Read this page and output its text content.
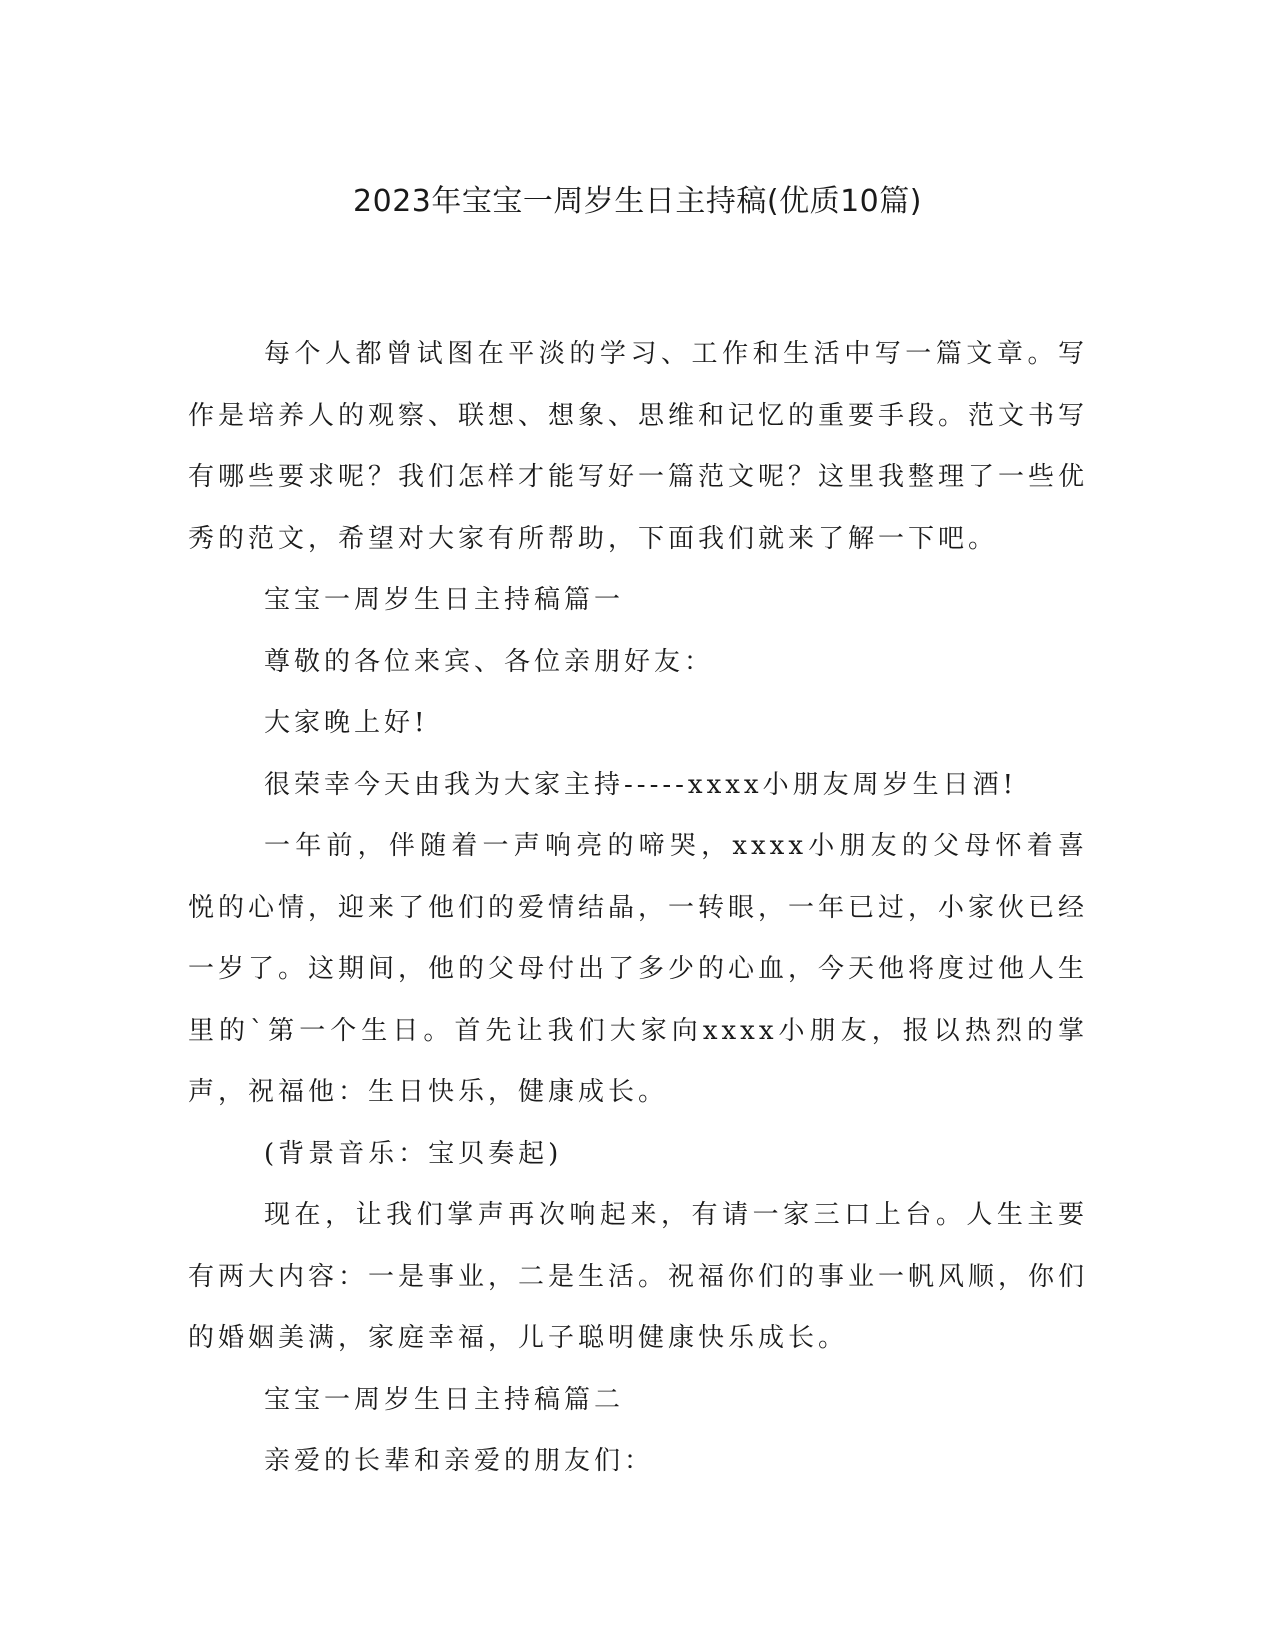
2023年宝宝一周岁生日主持稿(优质10篇)

每个人都曾试图在平淡的学习、工作和生活中写一篇文章。写作是培养人的观察、联想、想象、思维和记忆的重要手段。范文书写有哪些要求呢？我们怎样才能写好一篇范文呢？这里我整理了一些优秀的范文，希望对大家有所帮助，下面我们就来了解一下吧。

宝宝一周岁生日主持稿篇一

尊敬的各位来宾、各位亲朋好友：

大家晚上好!

很荣幸今天由我为大家主持-----xxxx小朋友周岁生日酒!

一年前，伴随着一声响亮的啼哭，xxxx小朋友的父母怀着喜悦的心情，迎来了他们的爱情结晶，一转眼，一年已过，小家伙已经一岁了。这期间，他的父母付出了多少的心血，今天他将度过他人生里的`第一个生日。首先让我们大家向xxxx小朋友，报以热烈的掌声，祝福他：生日快乐，健康成长。

(背景音乐：宝贝奏起)

现在，让我们掌声再次响起来，有请一家三口上台。人生主要有两大内容：一是事业，二是生活。祝福你们的事业一帆风顺，你们的婚姻美满，家庭幸福，儿子聪明健康快乐成长。

宝宝一周岁生日主持稿篇二

亲爱的长辈和亲爱的朋友们：
